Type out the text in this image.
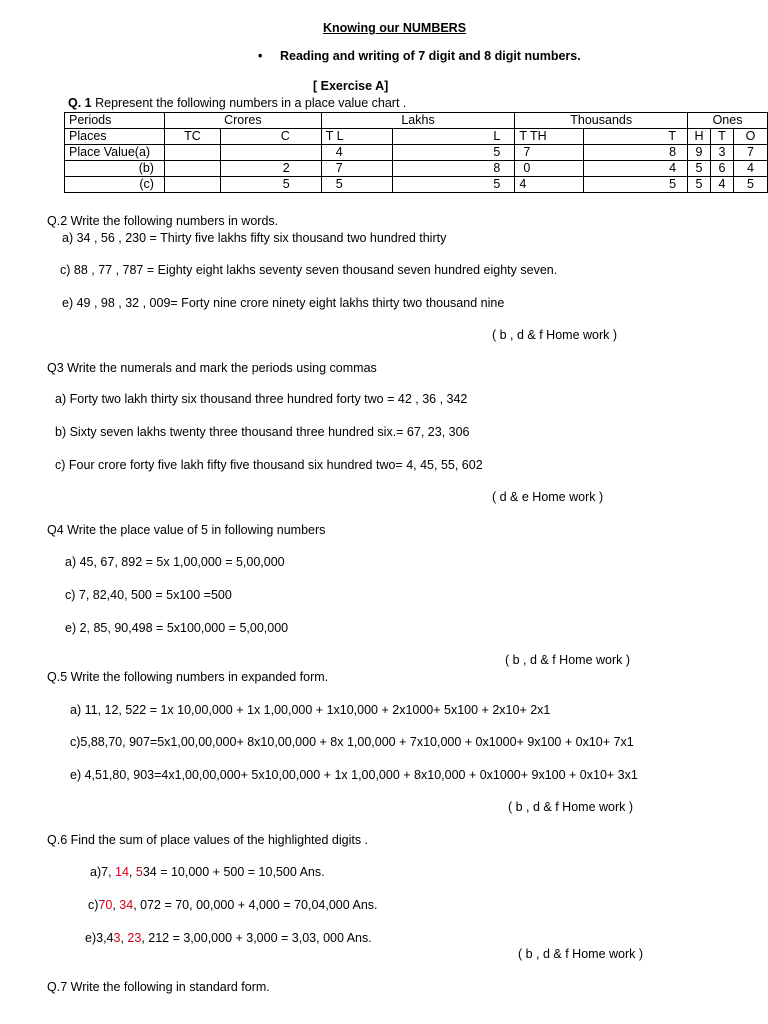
Knowing our NUMBERS
• Reading and writing of 7 digit and 8 digit numbers.
[ Exercise A]
Q. 1 Represent the following numbers in a place value chart .
Periods	Crores		Lakhs		Thousands		Ones		
Places	TC	C	T L	L	T TH	T	H	T	O
Place Value(a)			4	5	7	8	9	3	7
(b)		2	7	8	0	4	5	6	4
(c)		5	5	5	4	5	5	4	5
Q.2 Write the following numbers in words.
a) 34 , 56 , 230 = Thirty five lakhs fifty six thousand two hundred thirty
c) 88 , 77 , 787 = Eighty eight lakhs seventy seven thousand seven hundred eighty seven.
e) 49 , 98 , 32 , 009= Forty nine crore ninety eight lakhs thirty two thousand nine
( b , d & f Home work )
Q3 Write the numerals and mark the periods using commas
a) Forty two lakh thirty six thousand three hundred forty two = 42 , 36 , 342
b) Sixty seven lakhs twenty three thousand three hundred six.= 67, 23, 306
c) Four crore forty five lakh fifty five thousand six hundred two= 4, 45, 55, 602
( d & e Home work )
Q4 Write the place value of 5 in following numbers
a) 45, 67, 892 = 5x 1,00,000 = 5,00,000
c) 7, 82,40, 500 = 5x100 =500
e) 2, 85, 90,498 = 5x100,000 = 5,00,000
( b , d & f Home work )
Q.5 Write the following numbers in expanded form.
a) 11, 12, 522 = 1x 10,00,000 + 1x 1,00,000 + 1x10,000 + 2x1000+ 5x100 + 2x10+ 2x1
c)5,88,70, 907=5x1,00,00,000+ 8x10,00,000 + 8x 1,00,000 + 7x10,000 + 0x1000+ 9x100 + 0x10+ 7x1
e) 4,51,80, 903=4x1,00,00,000+ 5x10,00,000 + 1x 1,00,000 + 8x10,000 + 0x1000+ 9x100 + 0x10+ 3x1
( b , d & f Home work )
Q.6 Find the sum of place values of the highlighted digits .
a)7, 14, 534 = 10,000 + 500 = 10,500 Ans.
c)70, 34, 072 = 70, 00,000 + 4,000 = 70,04,000 Ans.
e)3,43, 23, 212 = 3,00,000 + 3,000 = 3,03, 000 Ans.
( b , d & f Home work )
Q.7 Write the following in standard form.
